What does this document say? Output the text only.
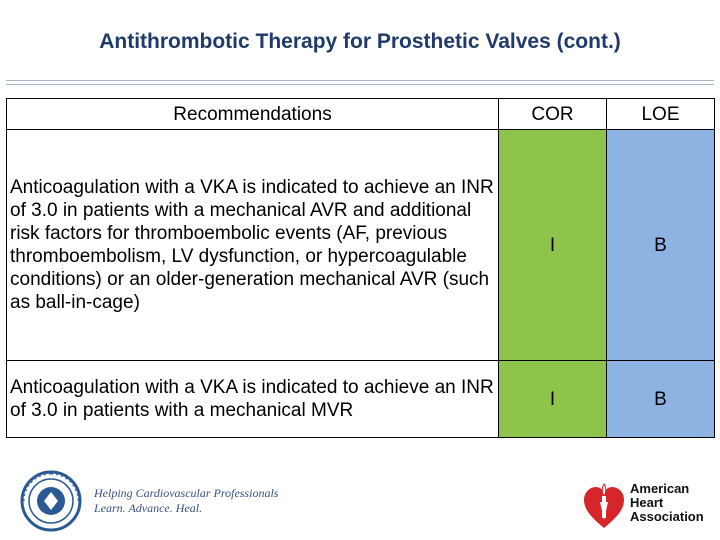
Antithrombotic Therapy for Prosthetic Valves (cont.)
Recommendations	COR	LOE
Anticoagulation with a VKA is indicated to achieve an INR of 3.0 in patients with a mechanical AVR and additional risk factors for thromboembolic events (AF, previous thromboembolism, LV dysfunction, or hypercoagulable conditions) or an older-generation mechanical AVR (such as ball-in-cage)	I	B
Anticoagulation with a VKA is indicated to achieve an INR of 3.0 in patients with a mechanical MVR	I	B
Helping Cardiovascular Professionals
Learn. Advance. Heal.
American
Heart
Association
